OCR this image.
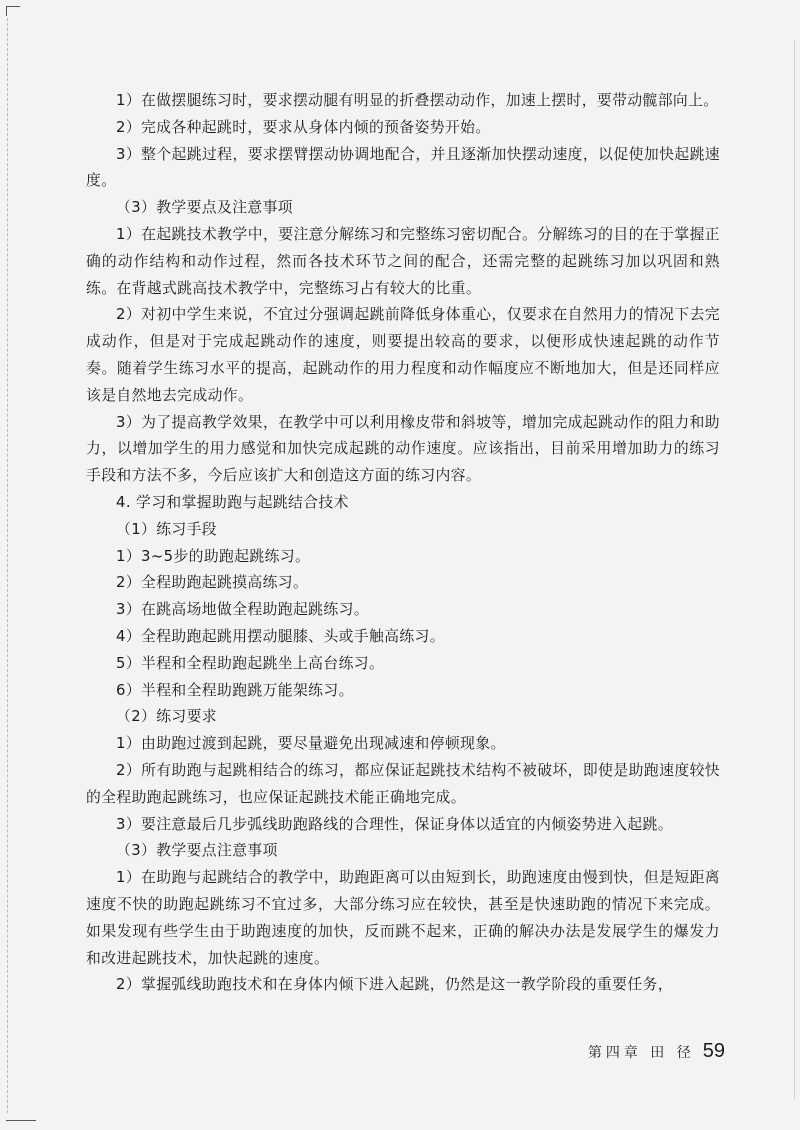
1）在做摆腿练习时，要求摆动腿有明显的折叠摆动动作，加速上摆时，要带动髋部向上。

2）完成各种起跳时，要求从身体内倾的预备姿势开始。

3）整个起跳过程，要求摆臂摆动协调地配合，并且逐渐加快摆动速度，以促使加快起跳速度。

（3）教学要点及注意事项

1）在起跳技术教学中，要注意分解练习和完整练习密切配合。分解练习的目的在于掌握正确的动作结构和动作过程，然而各技术环节之间的配合，还需完整的起跳练习加以巩固和熟练。在背越式跳高技术教学中，完整练习占有较大的比重。

2）对初中学生来说，不宜过分强调起跳前降低身体重心，仅要求在自然用力的情况下去完成动作，但是对于完成起跳动作的速度，则要提出较高的要求，以便形成快速起跳的动作节奏。随着学生练习水平的提高，起跳动作的用力程度和动作幅度应不断地加大，但是还同样应该是自然地去完成动作。

3）为了提高教学效果，在教学中可以利用橡皮带和斜坡等，增加完成起跳动作的阻力和助力，以增加学生的用力感觉和加快完成起跳的动作速度。应该指出，目前采用增加助力的练习手段和方法不多，今后应该扩大和创造这方面的练习内容。

4. 学习和掌握助跑与起跳结合技术

（1）练习手段

1）3~5步的助跑起跳练习。

2）全程助跑起跳摸高练习。

3）在跳高场地做全程助跑起跳练习。

4）全程助跑起跳用摆动腿膝、头或手触高练习。

5）半程和全程助跑起跳坐上高台练习。

6）半程和全程助跑跳万能架练习。

（2）练习要求

1）由助跑过渡到起跳，要尽量避免出现减速和停顿现象。

2）所有助跑与起跳相结合的练习，都应保证起跳技术结构不被破坏，即使是助跑速度较快的全程助跑起跳练习，也应保证起跳技术能正确地完成。

3）要注意最后几步弧线助跑路线的合理性，保证身体以适宜的内倾姿势进入起跳。

（3）教学要点注意事项

1）在助跑与起跳结合的教学中，助跑距离可以由短到长，助跑速度由慢到快，但是短距离速度不快的助跑起跳练习不宜过多，大部分练习应在较快，甚至是快速助跑的情况下来完成。如果发现有些学生由于助跑速度的加快，反而跳不起来，正确的解决办法是发展学生的爆发力和改进起跳技术，加快起跳的速度。

2）掌握弧线助跑技术和在身体内倾下进入起跳，仍然是这一教学阶段的重要任务，

第四章 田 径 59
